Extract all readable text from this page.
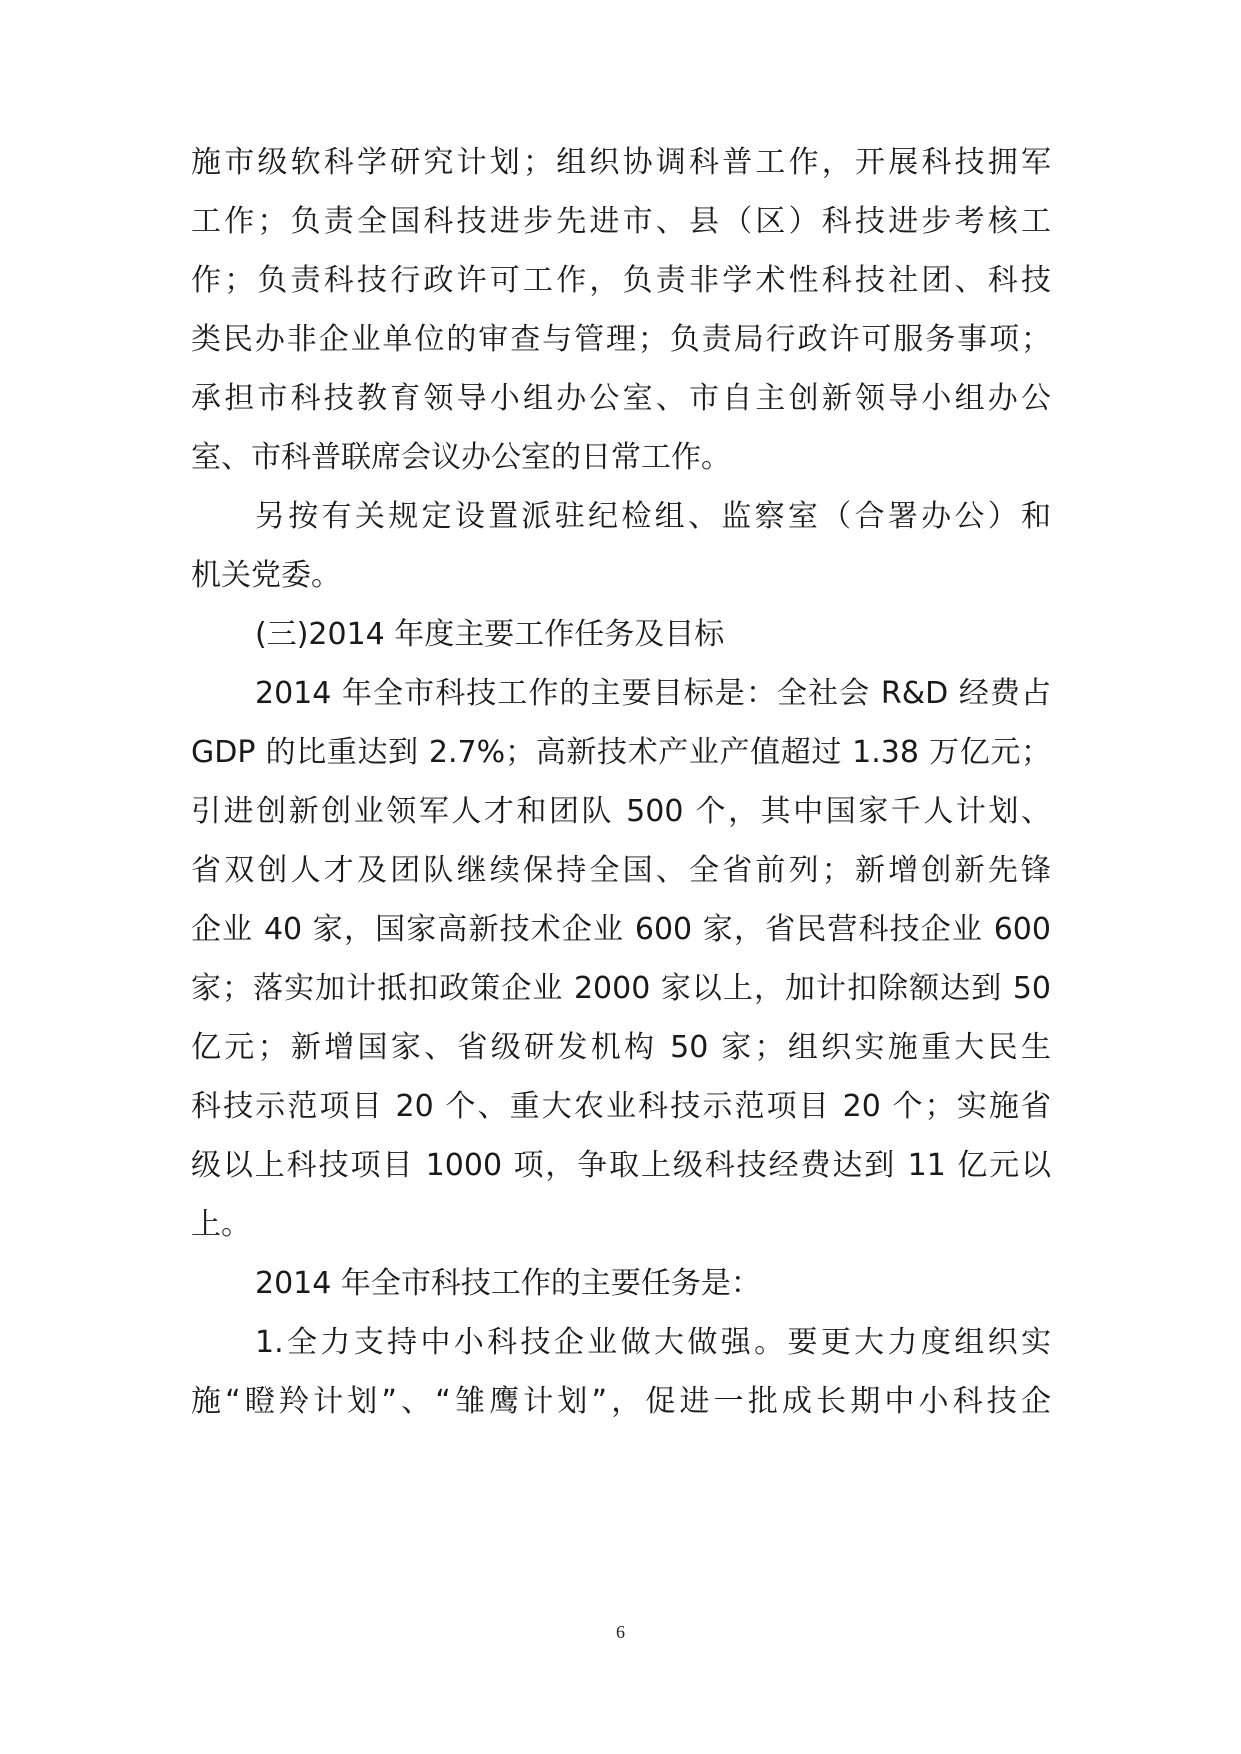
施市级软科学研究计划；组织协调科普工作，开展科技拥军
工作；负责全国科技进步先进市、县（区）科技进步考核工
作；负责科技行政许可工作，负责非学术性科技社团、科技
类民办非企业单位的审查与管理；负责局行政许可服务事项；
承担市科技教育领导小组办公室、市自主创新领导小组办公
室、市科普联席会议办公室的日常工作。
另按有关规定设置派驻纪检组、监察室（合署办公）和
机关党委。
(三)2014 年度主要工作任务及目标
2014 年全市科技工作的主要目标是：全社会 R&D 经费占
GDP 的比重达到 2.7%；高新技术产业产值超过 1.38 万亿元；
引进创新创业领军人才和团队 500 个，其中国家千人计划、
省双创人才及团队继续保持全国、全省前列；新增创新先锋
企业 40 家，国家高新技术企业 600 家，省民营科技企业 600
家；落实加计抵扣政策企业 2000 家以上，加计扣除额达到 50
亿元；新增国家、省级研发机构 50 家；组织实施重大民生
科技示范项目 20 个、重大农业科技示范项目 20 个；实施省
级以上科技项目 1000 项，争取上级科技经费达到 11 亿元以
上。
2014 年全市科技工作的主要任务是：
1.全力支持中小科技企业做大做强。要更大力度组织实
施“瞪羚计划”、“雏鹰计划”，促进一批成长期中小科技企
6
